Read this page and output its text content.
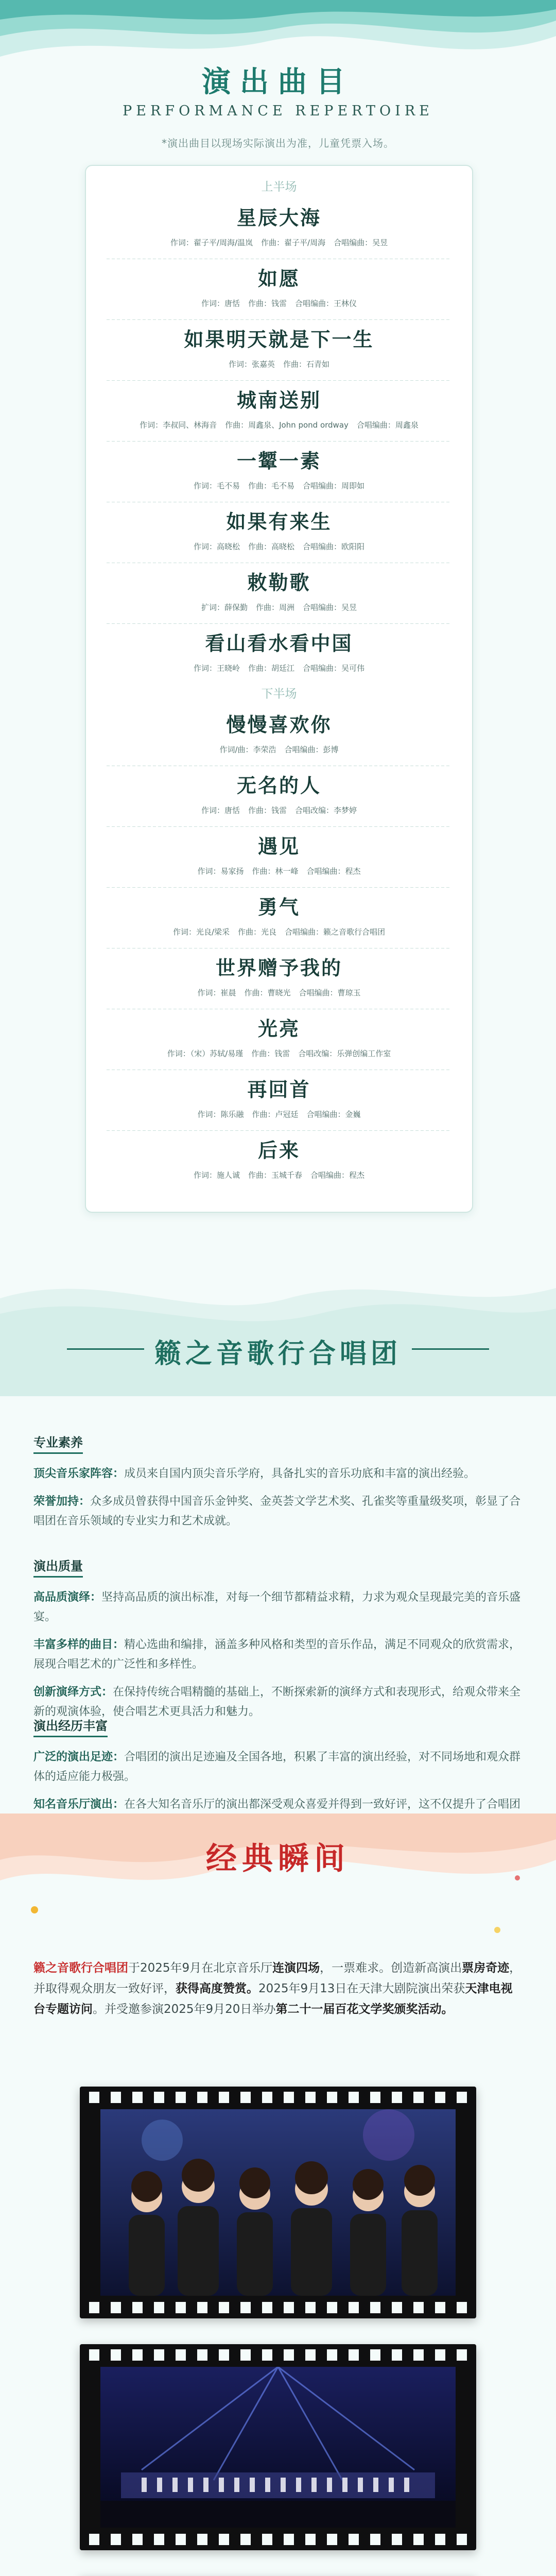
演出曲目
PERFORMANCE REPERTOIRE
*演出曲目以现场实际演出为准，儿童凭票入场。
上半场
星辰大海
作词：翟子平/周海/温岚 作曲：翟子平/周海 合唱编曲：吴昱
如愿
作词：唐恬 作曲：钱雷 合唱编曲：王林仪
如果明天就是下一生
作词：张嘉英 作曲：石青如
城南送别
作词：李叔同、林海音 作曲：周鑫泉、John pond ordway 合唱编曲：周鑫泉
一颦一素
作词：毛不易 作曲：毛不易 合唱编曲：周即如
如果有来生
作词：高晓松 作曲：高晓松 合唱编曲：欧阳阳
敕勒歌
扩词：薛保勤 作曲：周洲 合唱编曲：吴昱
看山看水看中国
作词：王晓岭 作曲：胡廷江 合唱编曲：吴可伟
下半场
慢慢喜欢你
作词/曲：李荣浩 合唱编曲：彭博
无名的人
作词：唐恬 作曲：钱雷 合唱改编：李梦婷
遇见
作词：易家扬 作曲：林一峰 合唱编曲：程杰
勇气
作词：光良/梁采 作曲：光良 合唱编曲：籁之音歌行合唱团
世界赠予我的
作词：崔晨 作曲：曹晓光 合唱编曲：曹琼玉
光亮
作词：（宋）苏轼/易瑾 作曲：钱雷 合唱改编：乐弹创编工作室
再回首
作词：陈乐融 作曲：卢冠廷 合唱编曲：金巍
后来
作词：施人诚 作曲：玉城千春 合唱编曲：程杰
籁之音歌行合唱团
专业素养
顶尖音乐家阵容：成员来自国内顶尖音乐学府，具备扎实的音乐功底和丰富的演出经验。
荣誉加持：众多成员曾获得中国音乐金钟奖、金英荟文学艺术奖、孔雀奖等重量级奖项，彰显了合唱团在音乐领域的专业实力和艺术成就。
演出质量
高品质演绎：坚持高品质的演出标准，对每一个细节都精益求精，力求为观众呈现最完美的音乐盛宴。
丰富多样的曲目：精心选曲和编排，涵盖多种风格和类型的音乐作品，满足不同观众的欣赏需求，展现合唱艺术的广泛性和多样性。
创新演绎方式：在保持传统合唱精髓的基础上，不断探索新的演绎方式和表现形式，给观众带来全新的观演体验，使合唱艺术更具活力和魅力。
演出经历丰富
广泛的演出足迹：合唱团的演出足迹遍及全国各地，积累了丰富的演出经验，对不同场地和观众群体的适应能力极强。
知名音乐厅演出：在各大知名音乐厅的演出都深受观众喜爱并得到一致好评，这不仅提升了合唱团
经典瞬间
籁之音歌行合唱团于2025年9月在北京音乐厅连演四场，一票难求。创造新高演出票房奇迹，并取得观众朋友一致好评，获得高度赞赏。2025年9月13日在天津大剧院演出荣获天津电视台专题访问。并受邀参演2025年9月20日举办第二十一届百花文学奖颁奖活动。
